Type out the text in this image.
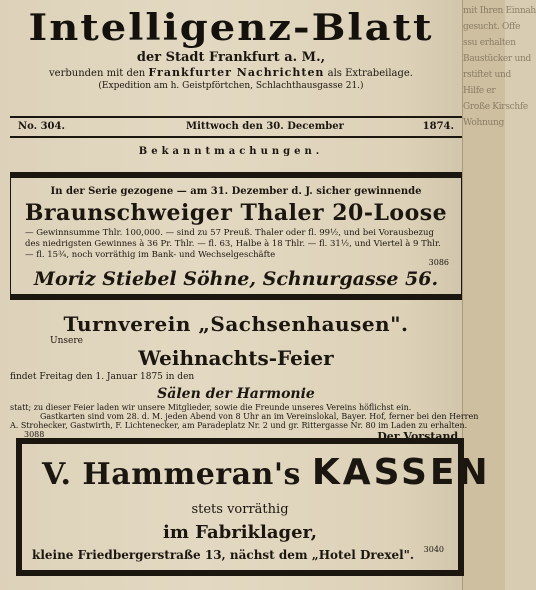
mit Ihren Einnah
gesucht. Offe
ssu erhalten
Baustücker und
rstiftet und
Hilfe er
Große Kirschfe
Wohnung
Intelligenz-Blatt
der Stadt Frankfurt a. M.,
verbunden mit den Frankfurter Nachrichten als Extrabeilage.
(Expedition am h. Geistpförtchen, Schlachthausgasse 21.)
No. 304.	Mittwoch den 30. December	1874.
Bekanntmachungen.
In der Serie gezogene — am 31. Dezember d. J. sicher gewinnende
Braunschweiger Thaler 20-Loose
— Gewinnsumme Thlr. 100,000. — sind zu 57 Preuß. Thaler oder fl. 99½, und bei Vorausbezug
des niedrigsten Gewinnes à 36 Pr. Thlr. — fl. 63, Halbe à 18 Thlr. — fl. 31½, und Viertel à 9 Thlr.
— fl. 15¾, noch vorräthig im Bank- und Wechselgeschäfte
3086
Moriz Stiebel Söhne, Schnurgasse 56.
Turnverein „Sachsenhausen".
Unsere
Weihnachts-Feier
findet Freitag den 1. Januar 1875 in den
Sälen der Harmonie
statt; zu dieser Feier laden wir unsere Mitglieder, sowie die Freunde unseres Vereins höflichst ein.
Gastkarten sind vom 28. d. M. jeden Abend von 8 Uhr an im Vereinslokal, Bayer. Hof, ferner bei den Herren
A. Strohecker, Gastwirth, F. Lichtenecker, am Paradeplatz Nr. 2 und gr. Rittergasse Nr. 80 im Laden zu erhalten.
3088	Der Vorstand.
V. Hammeran's KASSEN
stets vorräthig
im Fabriklager,
kleine Friedbergerstraße 13, nächst dem „Hotel Drexel". 3040
